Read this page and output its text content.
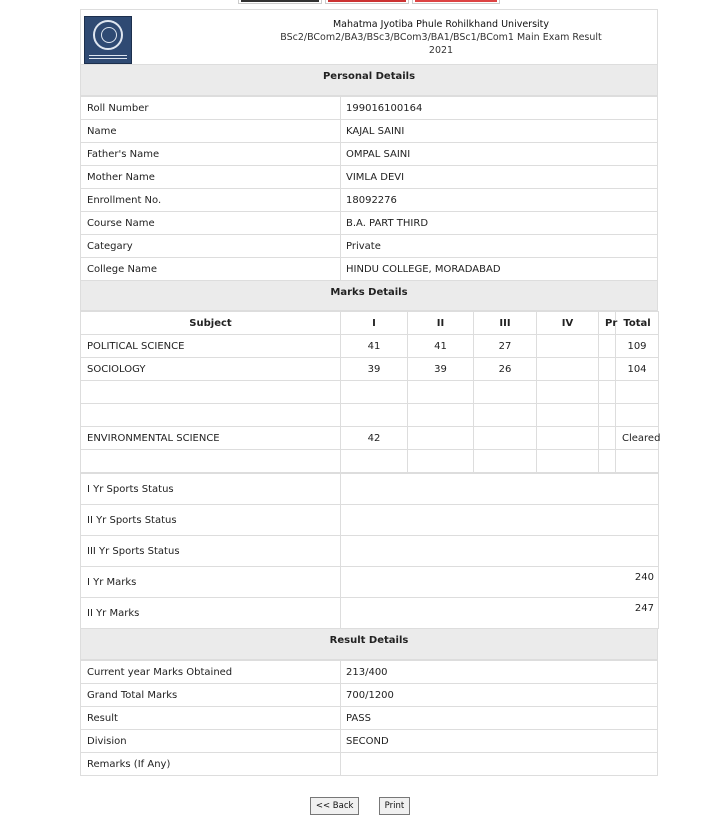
Mahatma Jyotiba Phule Rohilkhand University
BSc2/BCom2/BA3/BSc3/BCom3/BA1/BSc1/BCom1 Main Exam Result 2021
Personal Details
Roll Number	199016100164
Name	KAJAL SAINI
Father's Name	OMPAL SAINI
Mother Name	VIMLA DEVI
Enrollment No.	18092276
Course Name	B.A. PART THIRD
Categary	Private
College Name	HINDU COLLEGE, MORADABAD
Marks Details
Subject	I	II	III	IV	Pr	Total
POLITICAL SCIENCE	41	41	27			109
SOCIOLOGY	39	39	26			104

ENVIRONMENTAL SCIENCE	42					Cleared

I Yr Sports Status	
II Yr Sports Status	
III Yr Sports Status	
I Yr Marks	240
II Yr Marks	247
Result Details
Current year Marks Obtained	213/400
Grand Total Marks	700/1200
Result	PASS
Division	SECOND
Remarks (If Any)	
<< Back	Print
